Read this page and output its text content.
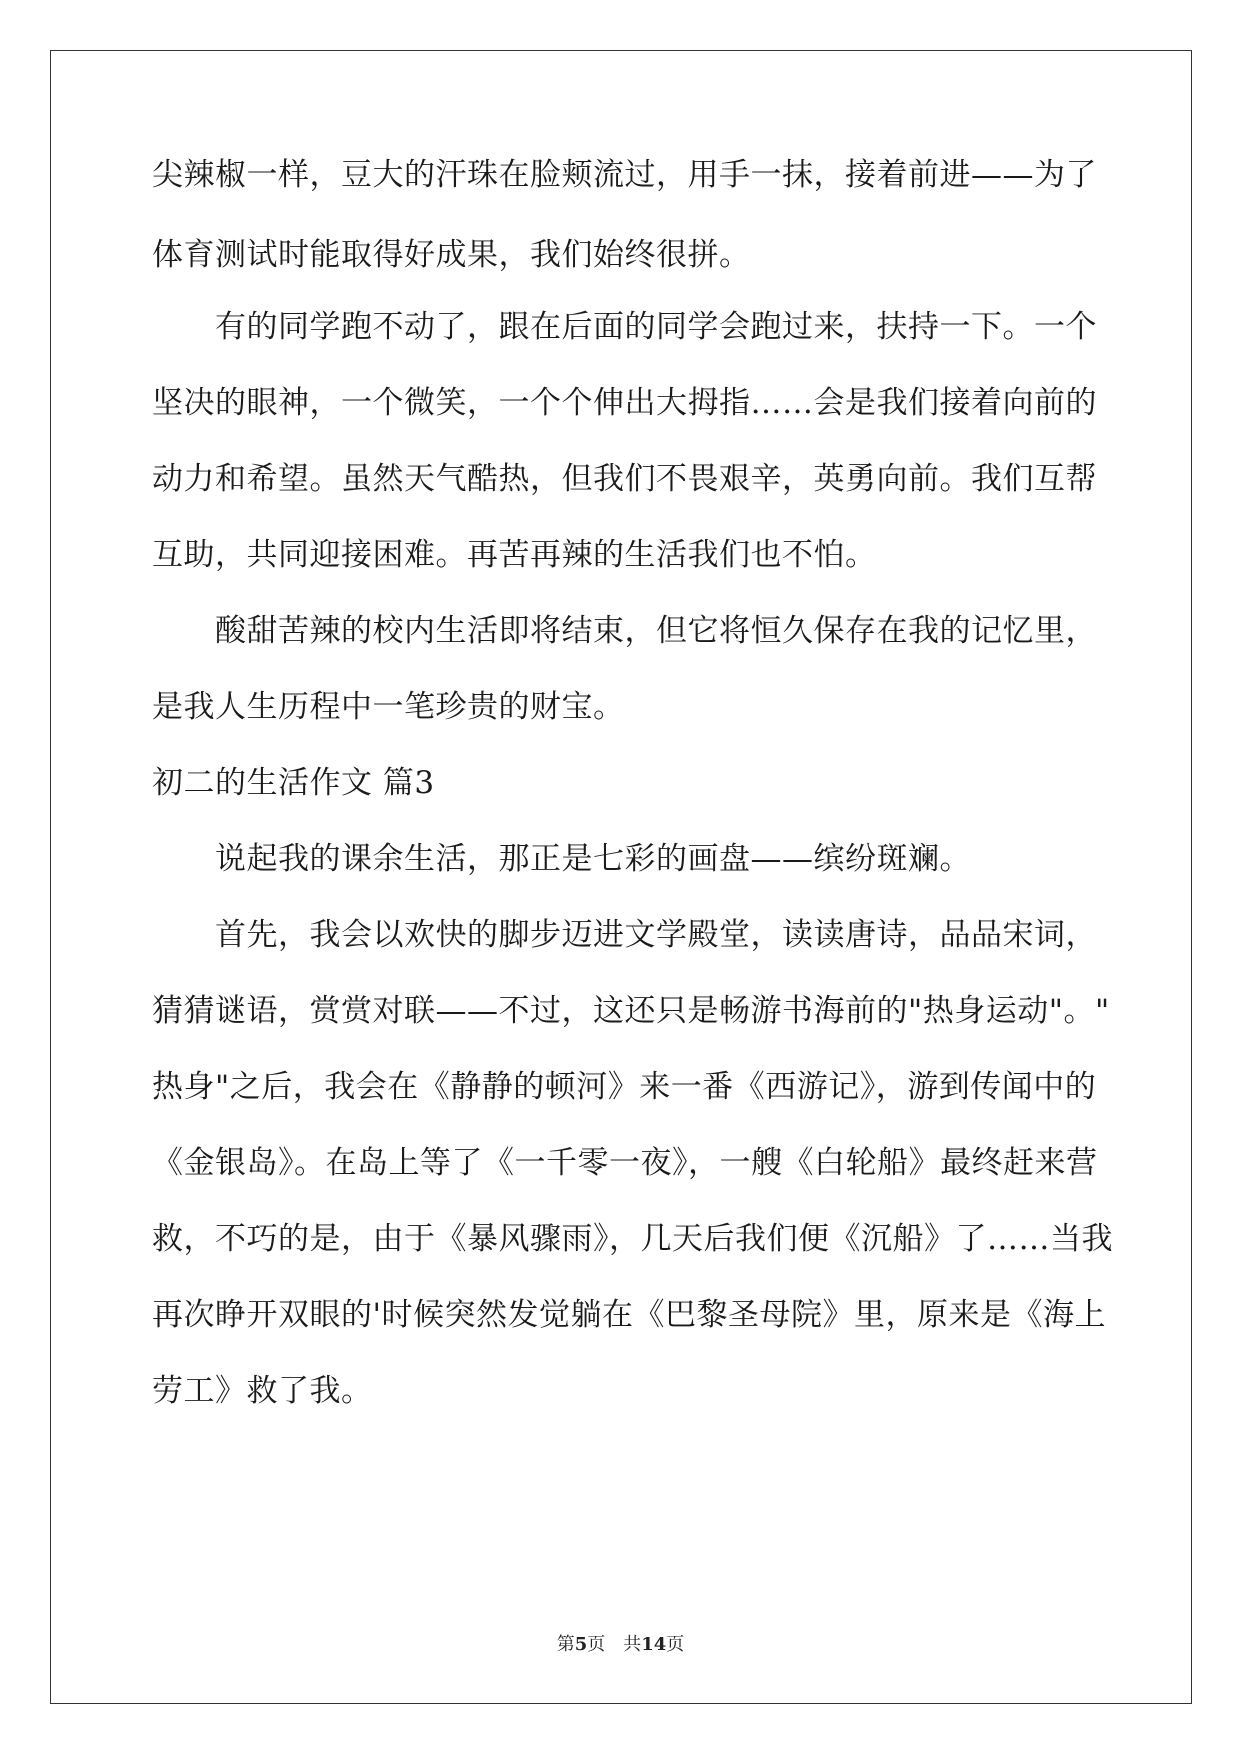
尖辣椒一样，豆大的汗珠在脸颊流过，用手一抹，接着前进——为了
体育测试时能取得好成果，我们始终很拼。
　　有的同学跑不动了，跟在后面的同学会跑过来，扶持一下。一个
坚决的眼神，一个微笑，一个个伸出大拇指……会是我们接着向前的
动力和希望。虽然天气酷热，但我们不畏艰辛，英勇向前。我们互帮
互助，共同迎接困难。再苦再辣的生活我们也不怕。
　　酸甜苦辣的校内生活即将结束，但它将恒久保存在我的记忆里，
是我人生历程中一笔珍贵的财宝。
初二的生活作文 篇3
　　说起我的课余生活，那正是七彩的画盘——缤纷斑斓。
　　首先，我会以欢快的脚步迈进文学殿堂，读读唐诗，品品宋词，
猜猜谜语，赏赏对联——不过，这还只是畅游书海前的"热身运动"。"
热身"之后，我会在《静静的顿河》来一番《西游记》，游到传闻中的
《金银岛》。在岛上等了《一千零一夜》，一艘《白轮船》最终赶来营
救，不巧的是，由于《暴风骤雨》，几天后我们便《沉船》了……当我
再次睁开双眼的'时候突然发觉躺在《巴黎圣母院》里，原来是《海上
劳工》救了我。
第5页　 共14页
